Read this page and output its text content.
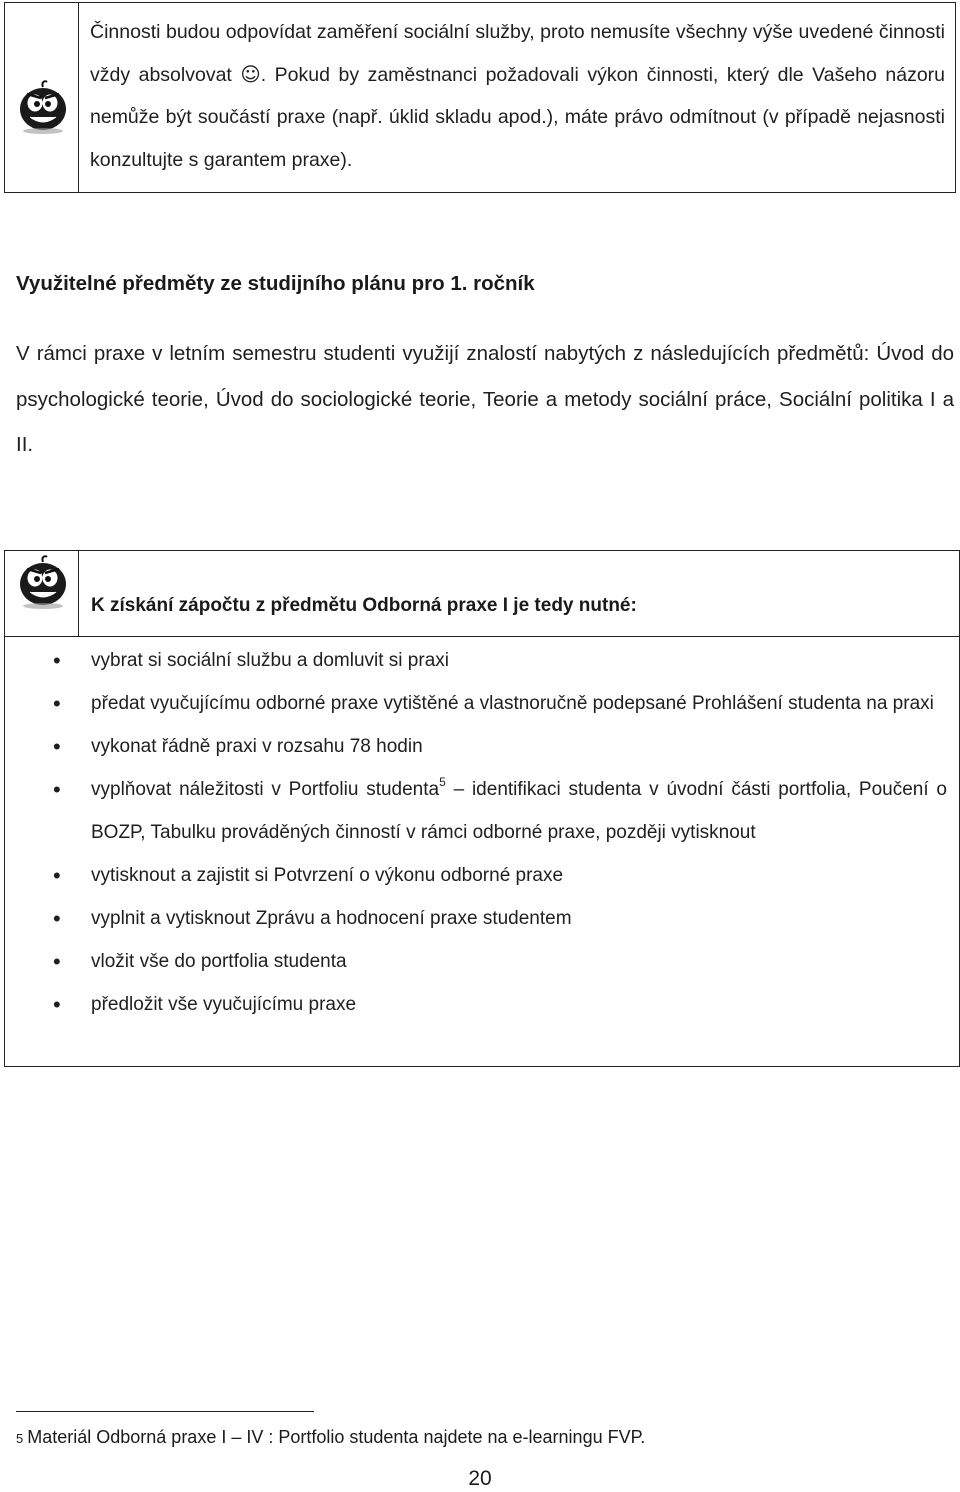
Činnosti budou odpovídat zaměření sociální služby, proto nemusíte všechny výše uvedené činnosti vždy absolvovat ☺. Pokud by zaměstnanci požadovali výkon činnosti, který dle Vašeho názoru nemůže být součástí praxe (např. úklid skladu apod.), máte právo odmítnout (v případě nejasnosti konzultujte s garantem praxe).
Využitelné předměty ze studijního plánu pro 1. ročník

V rámci praxe v letním semestru studenti využijí znalostí nabytých z následujících předmětů: Úvod do psychologické teorie, Úvod do sociologické teorie, Teorie a metody sociální práce, Sociální politika I a II.

K získání zápočtu z předmětu Odborná praxe I je tedy nutné:
• vybrat si sociální službu a domluvit si praxi
• předat vyučujícímu odborné praxe vytištěné a vlastnoručně podepsané Prohlášení studenta na praxi
• vykonat řádně praxi v rozsahu 78 hodin
• vyplňovat náležitosti v Portfoliu studenta$^5$ – identifikaci studenta v úvodní části portfolia, Poučení o BOZP, Tabulku prováděných činností v rámci odborné praxe, později vytisknout
• vytisknout a zajistit si Potvrzení o výkonu odborné praxe
• vyplnit a vytisknout Zprávu a hodnocení praxe studentem
• vložit vše do portfolia studenta
• předložit vše vyučujícímu praxe
5 Materiál Odborná praxe I – IV : Portfolio studenta najdete na e-learningu FVP.
20
